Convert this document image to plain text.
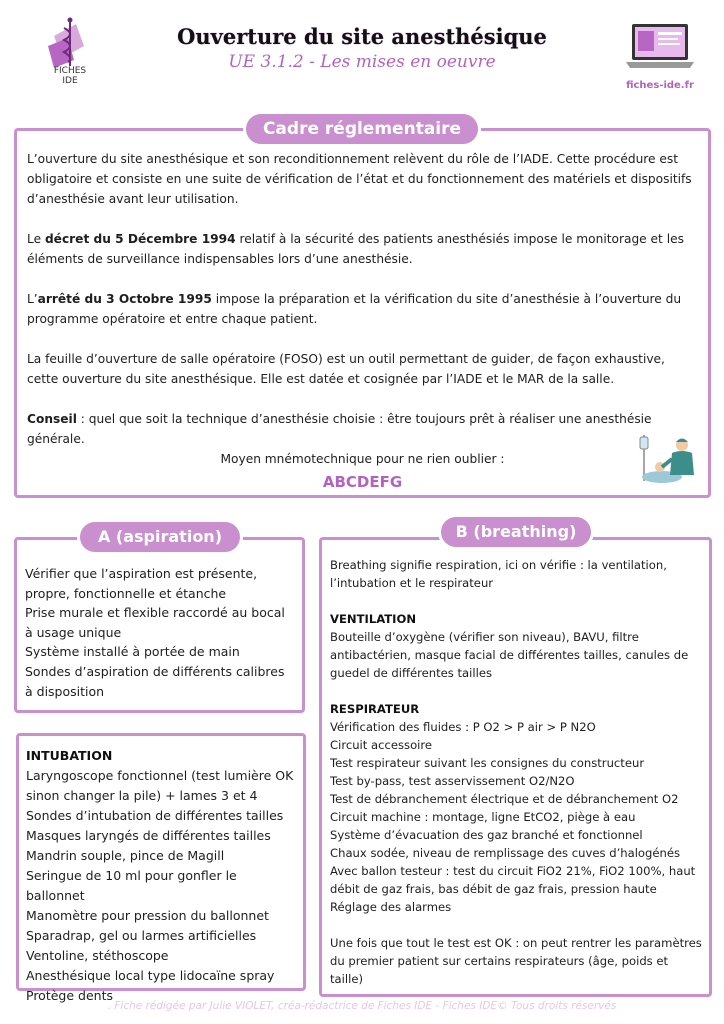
FICHES
IDE
Ouverture du site anesthésique
UE 3.1.2 - Les mises en oeuvre
fiches-ide.fr

L’ouverture du site anesthésique et son reconditionnement relèvent du rôle de l’IADE. Cette procédure est obligatoire et consiste en une suite de vérification de l’état et du fonctionnement des matériels et dispositifs d’anesthésie avant leur utilisation.

Le décret du 5 Décembre 1994 relatif à la sécurité des patients anesthésiés impose le monitorage et les éléments de surveillance indispensables lors d’une anesthésie.

L’arrêté du 3 Octobre 1995 impose la préparation et la vérification du site d’anesthésie à l’ouverture du programme opératoire et entre chaque patient.

La feuille d’ouverture de salle opératoire (FOSO) est un outil permettant de guider, de façon exhaustive, cette ouverture du site anesthésique. Elle est datée et cosignée par l’IADE et le MAR de la salle.

Conseil : quel que soit la technique d’anesthésie choisie : être toujours prêt à réaliser une anesthésie générale.

Moyen mnémotechnique pour ne rien oublier :
ABCDEFG
Cadre réglementaire
Vérifier que l’aspiration est présente, propre, fonctionnelle et étanche
Prise murale et flexible raccordé au bocal à usage unique
Système installé à portée de main
Sondes d’aspiration de différents calibres à disposition
A (aspiration)
INTUBATION
Laryngoscope fonctionnel (test lumière OK sinon changer la pile) + lames 3 et 4
Sondes d’intubation de différentes tailles
Masques laryngés de différentes tailles
Mandrin souple, pince de Magill
Seringue de 10 ml pour gonfler le ballonnet
Manomètre pour pression du ballonnet
Sparadrap, gel ou larmes artificielles
Ventoline, stéthoscope
Anesthésique local type lidocaïne spray
Protège dents

Breathing signifie respiration, ici on vérifie : la ventilation, l’intubation et le respirateur

VENTILATION

Bouteille d’oxygène (vérifier son niveau), BAVU, filtre antibactérien, masque facial de différentes tailles, canules de guedel de différentes tailles

RESPIRATEUR
Vérification des fluides : P O2 > P air > P N2O
Circuit accessoire
Test respirateur suivant les consignes du constructeur
Test by-pass, test asservissement O2/N2O
Test de débranchement électrique et de débranchement O2
Circuit machine : montage, ligne EtCO2, piège à eau
Système d’évacuation des gaz branché et fonctionnel
Chaux sodée, niveau de remplissage des cuves d’halogénés
Avec ballon testeur : test du circuit FiO2 21%, FiO2 100%, haut débit de gaz frais, bas débit de gaz frais, pression haute

Réglage des alarmes

Une fois que tout le test est OK : on peut rentrer les paramètres du premier patient sur certains respirateurs (âge, poids et taille)

B (breathing)
. Fiche rédigée par Julie VIOLET, créa-rédactrice de Fiches IDE - Fiches IDE© Tous droits réservés
